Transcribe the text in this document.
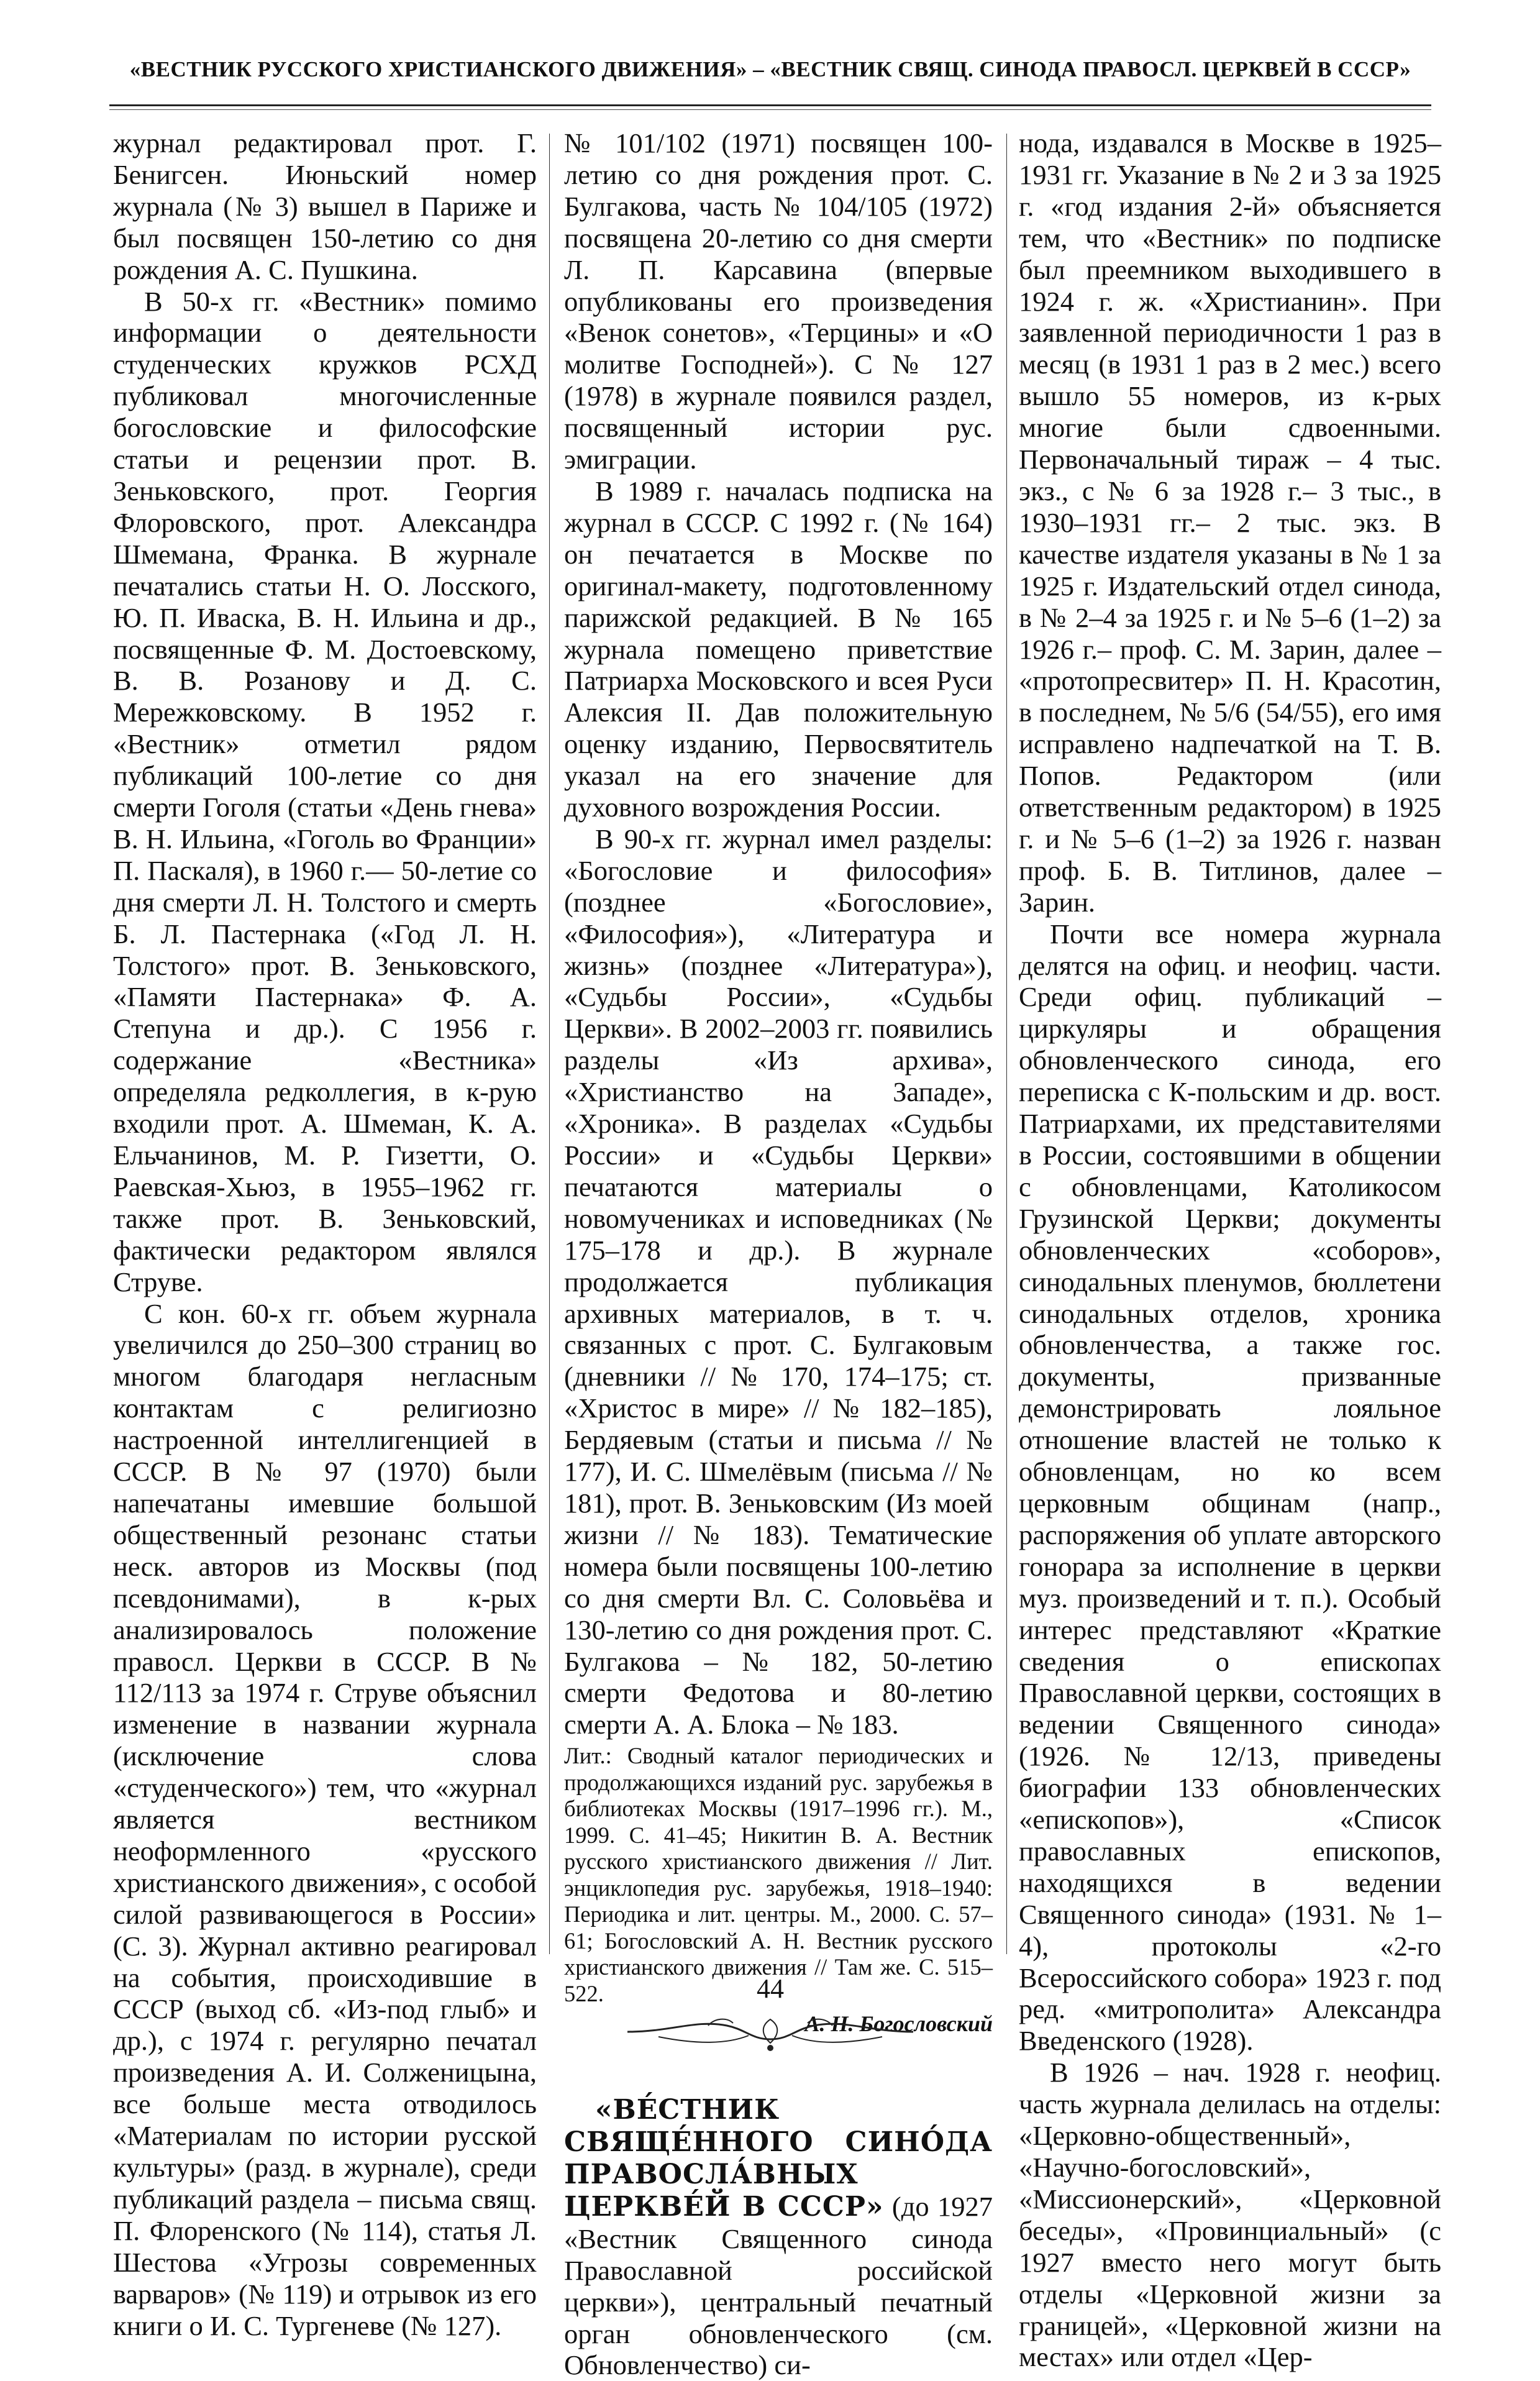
«ВЕСТНИК РУССКОГО ХРИСТИАНСКОГО ДВИЖЕНИЯ» – «ВЕСТНИК СВЯЩ. СИНОДА ПРАВОСЛ. ЦЕРКВЕЙ В СССР»

журнал редактировал прот. Г. Бенигсен. Июньский номер журнала (№ 3) вышел в Париже и был посвящен 150-летию со дня рождения А. С. Пушкина.

В 50-х гг. «Вестник» помимо информации о деятельности студенческих кружков РСХД публиковал многочисленные богословские и философские статьи и рецензии прот. В. Зеньковского, прот. Георгия Флоровского, прот. Александра Шмемана, Франка. В журнале печатались статьи Н. О. Лосского, Ю. П. Иваска, В. Н. Ильина и др., посвященные Ф. М. Достоевскому, В. В. Розанову и Д. С. Мережковскому. В 1952 г. «Вестник» отметил рядом публикаций 100-летие со дня смерти Гоголя (статьи «День гнева» В. Н. Ильина, «Гоголь во Франции» П. Паскаля), в 1960 г.— 50-летие со дня смерти Л. Н. Толстого и смерть Б. Л. Пастернака («Год Л. Н. Толстого» прот. В. Зеньковского, «Памяти Пастернака» Ф. А. Степуна и др.). С 1956 г. содержание «Вестника» определяла редколлегия, в к-рую входили прот. А. Шмеман, К. А. Ельчанинов, М. Р. Гизетти, О. Раевская-Хьюз, в 1955–1962 гг. также прот. В. Зеньковский, фактически редактором являлся Струве.

С кон. 60-х гг. объем журнала увеличился до 250–300 страниц во многом благодаря негласным контактам с религиозно настроенной интеллигенцией в СССР. В № 97 (1970) были напечатаны имевшие большой общественный резонанс статьи неск. авторов из Москвы (под псевдонимами), в к-рых анализировалось положение правосл. Церкви в СССР. В № 112/113 за 1974 г. Струве объяснил изменение в названии журнала (исключение слова «студенческого») тем, что «журнал является вестником неоформленного «русского христианского движения», с особой силой развивающегося в России» (С. 3). Журнал активно реагировал на события, происходившие в СССР (выход сб. «Из-под глыб» и др.), с 1974 г. регулярно печатал произведения А. И. Солженицына, все больше места отводилось «Материалам по истории русской культуры» (разд. в журнале), среди публикаций раздела – письма свящ. П. Флоренского (№ 114), статья Л. Шестова «Угрозы современных варваров» (№ 119) и отрывок из его книги о И. С. Тургеневе (№ 127).

№ 101/102 (1971) посвящен 100-летию со дня рождения прот. С. Булгакова, часть № 104/105 (1972) посвящена 20-летию со дня смерти Л. П. Карсавина (впервые опубликованы его произведения «Венок сонетов», «Терцины» и «О молитве Господней»). С № 127 (1978) в журнале появился раздел, посвященный истории рус. эмиграции.

В 1989 г. началась подписка на журнал в СССР. С 1992 г. (№ 164) он печатается в Москве по оригинал-макету, подготовленному парижской редакцией. В № 165 журнала помещено приветствие Патриарха Московского и всея Руси Алексия II. Дав положительную оценку изданию, Первосвятитель указал на его значение для духовного возрождения России.

В 90-х гг. журнал имел разделы: «Богословие и философия» (позднее «Богословие», «Философия»), «Литература и жизнь» (позднее «Литература»), «Судьбы России», «Судьбы Церкви». В 2002–2003 гг. появились разделы «Из архива», «Христианство на Западе», «Хроника». В разделах «Судьбы России» и «Судьбы Церкви» печатаются материалы о новомучениках и исповедниках (№ 175–178 и др.). В журнале продолжается публикация архивных материалов, в т. ч. связанных с прот. С. Булгаковым (дневники // № 170, 174–175; ст. «Христос в мире» // № 182–185), Бердяевым (статьи и письма // № 177), И. С. Шмелёвым (письма // № 181), прот. В. Зеньковским (Из моей жизни // № 183). Тематические номера были посвящены 100-летию со дня смерти Вл. С. Соловьёва и 130-летию со дня рождения прот. С. Булгакова – № 182, 50-летию смерти Федотова и 80-летию смерти А. А. Блока – № 183.

Лит.: Сводный каталог периодических и продолжающихся изданий рус. зарубежья в библиотеках Москвы (1917–1996 гг.). М., 1999. С. 41–45; Никитин В. А. Вестник русского христианского движения // Лит. энциклопедия рус. зарубежья, 1918–1940: Периодика и лит. центры. М., 2000. С. 57–61; Богословский А. Н. Вестник русского христианского движения // Там же. С. 515–522.

А. Н. Богословский

«ВЕ́СТНИК СВЯЩЕ́ННОГО СИНО́ДА ПРАВОСЛА́ВНЫХ ЦЕРКВЕ́Й В СССР» (до 1927 «Вестник Священного синода Православной российской церкви»), центральный печатный орган обновленческого (см. Обновленчество) си-

нода, издавался в Москве в 1925–1931 гг. Указание в № 2 и 3 за 1925 г. «год издания 2-й» объясняется тем, что «Вестник» по подписке был преемником выходившего в 1924 г. ж. «Христианин». При заявленной периодичности 1 раз в месяц (в 1931 1 раз в 2 мес.) всего вышло 55 номеров, из к-рых многие были сдвоенными. Первоначальный тираж – 4 тыс. экз., с № 6 за 1928 г.– 3 тыс., в 1930–1931 гг.– 2 тыс. экз. В качестве издателя указаны в № 1 за 1925 г. Издательский отдел синода, в № 2–4 за 1925 г. и № 5–6 (1–2) за 1926 г.– проф. С. М. Зарин, далее – «протопресвитер» П. Н. Красотин, в последнем, № 5/6 (54/55), его имя исправлено надпечаткой на Т. В. Попов. Редактором (или ответственным редактором) в 1925 г. и № 5–6 (1–2) за 1926 г. назван проф. Б. В. Титлинов, далее – Зарин.

Почти все номера журнала делятся на офиц. и неофиц. части. Среди офиц. публикаций – циркуляры и обращения обновленческого синода, его переписка с К-польским и др. вост. Патриархами, их представителями в России, состоявшими в общении с обновленцами, Католикосом Грузинской Церкви; документы обновленческих «соборов», синодальных пленумов, бюллетени синодальных отделов, хроника обновленчества, а также гос. документы, призванные демонстрировать лояльное отношение властей не только к обновленцам, но ко всем церковным общинам (напр., распоряжения об уплате авторского гонорара за исполнение в церкви муз. произведений и т. п.). Особый интерес представляют «Краткие сведения о епископах Православной церкви, состоящих в ведении Священного синода» (1926. № 12/13, приведены биографии 133 обновленческих «епископов»), «Список православных епископов, находящихся в ведении Священного синода» (1931. № 1–4), протоколы «2-го Всероссийского собора» 1923 г. под ред. «митрополита» Александра Введенского (1928).

В 1926 – нач. 1928 г. неофиц. часть журнала делилась на отделы: «Церковно-общественный», «Научно-богословский», «Миссионерский», «Церковной беседы», «Провинциальный» (с 1927 вместо него могут быть отделы «Церковной жизни за границей», «Церковной жизни на местах» или отдел «Цер-

44
